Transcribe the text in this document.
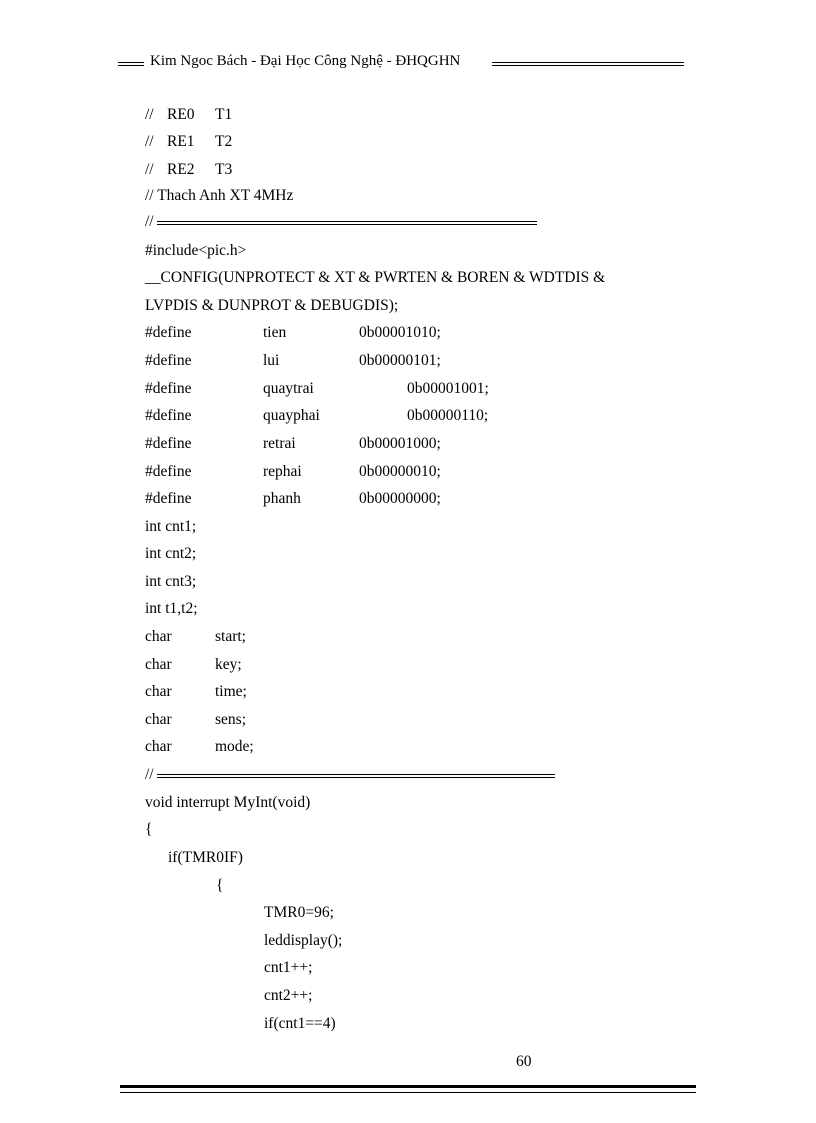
Kim Ngoc Bách - Đại Học Công Nghệ - ĐHQGHN
// RE0 T1
// RE1 T2
// RE2 T3
// Thach Anh XT 4MHz
//
#include<pic.h>
__CONFIG(UNPROTECT & XT & PWRTEN & BOREN & WDTDIS &
LVPDIS & DUNPROT & DEBUGDIS);
#define	tien	0b00001010;
#define	lui	0b00000101;
#define	quaytrai	0b00001001;
#define	quayphai	0b00000110;
#define	retrai	0b00001000;
#define	rephai	0b00000010;
#define	phanh	0b00000000;
int cnt1;
int cnt2;
int cnt3;
int t1,t2;
char	start;
char	key;
char	time;
char	sens;
char	mode;
//
void interrupt MyInt(void)
{
if(TMR0IF)
{
TMR0=96;
leddisplay();
cnt1++;
cnt2++;
if(cnt1==4)
60
